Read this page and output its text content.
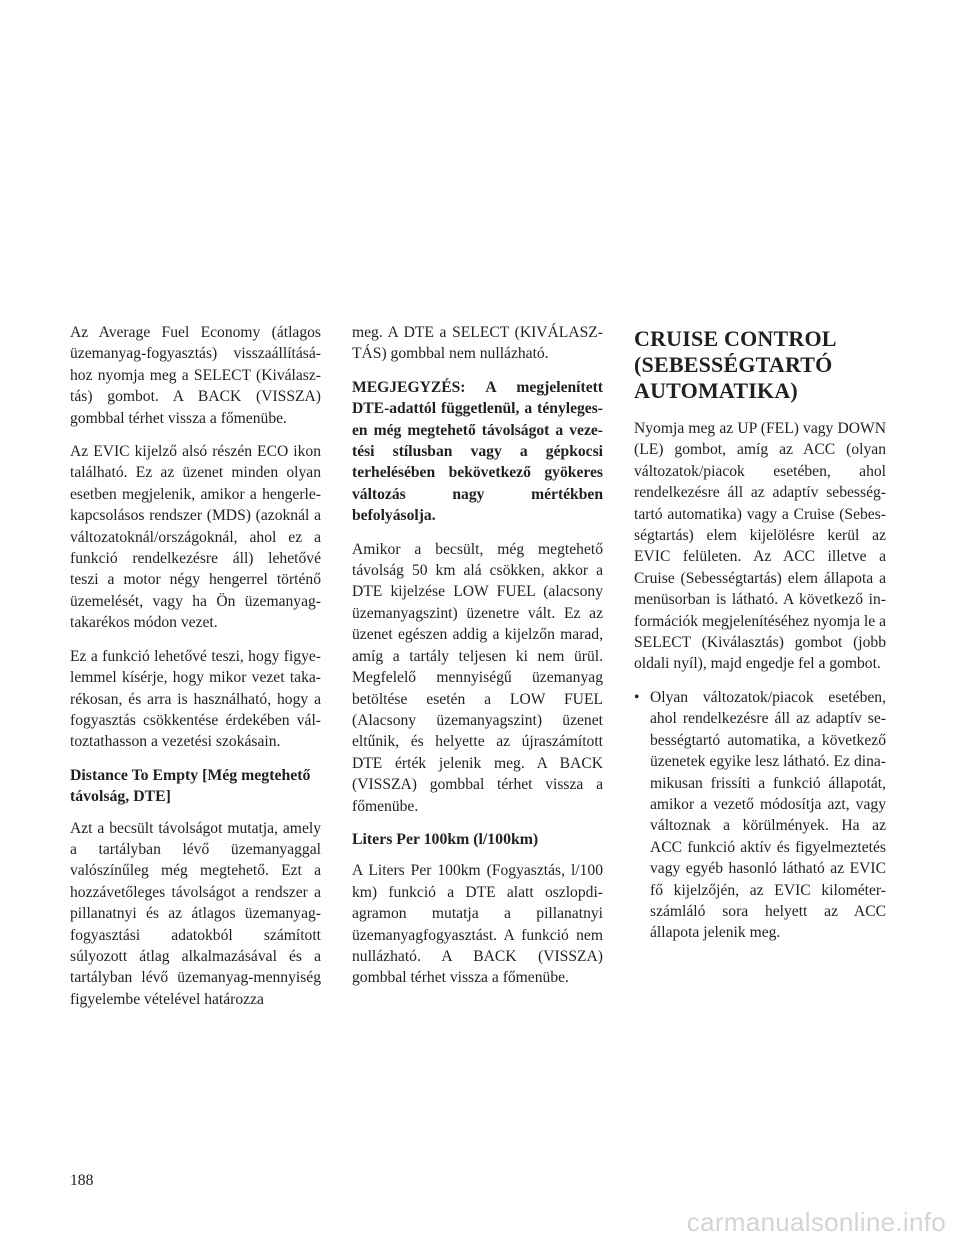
Az Average Fuel Economy (átlagos üzemanyag-fogyasztás) visszaállításához nyomja meg a SELECT (Kiválasztás) gombot. A BACK (VISSZA) gombbal térhet vissza a főmenübe.

Az EVIC kijelző alsó részén ECO ikon található. Ez az üzenet minden olyan esetben megjelenik, amikor a hengerlekapcsolásos rendszer (MDS) (azoknál a változatoknál/országoknál, ahol ez a funkció rendelkezésre áll) lehetővé teszi a motor négy hengerrel történő üzemelését, vagy ha Ön üzemanyag-takarékos módon vezet.

Ez a funkció lehetővé teszi, hogy figyelemmel kísérje, hogy mikor vezet takarékosan, és arra is használható, hogy a fogyasztás csökkentése érdekében változtathasson a vezetési szokásain.

Distance To Empty [Még megtehető távolság, DTE]

Azt a becsült távolságot mutatja, amely a tartályban lévő üzemanyaggal valószínűleg még megtehető. Ezt a hozzávetőleges távolságot a rendszer a pillanatnyi és az átlagos üzemanyag-fogyasztási adatokból számított súlyozott átlag alkalmazásával és a tartályban lévő üzemanyag-mennyiség figyelembe vételével határozza

meg. A DTE a SELECT (KIVÁLASZTÁS) gombbal nem nullázható.

MEGJEGYZÉS: A megjelenített DTE-adattól függetlenül, a ténylegesen még megtehető távolságot a vezetési stílusban vagy a gépkocsi terhelésében bekövetkező gyökeres változás nagy mértékben befolyásolja.

Amikor a becsült, még megtehető távolság 50 km alá csökken, akkor a DTE kijelzése LOW FUEL (alacsony üzemanyagszint) üzenetre vált. Ez az üzenet egészen addig a kijelzőn marad, amíg a tartály teljesen ki nem ürül. Megfelelő mennyiségű üzemanyag betöltése esetén a LOW FUEL (Alacsony üzemanyagszint) üzenet eltűnik, és helyette az újraszámított DTE érték jelenik meg. A BACK (VISSZA) gombbal térhet vissza a főmenübe.

Liters Per 100km (l/100km)

A Liters Per 100km (Fogyasztás, l/100 km) funkció a DTE alatt oszlopdiagramon mutatja a pillanatnyi üzemanyagfogyasztást. A funkció nem nullázható. A BACK (VISSZA) gombbal térhet vissza a főmenübe.

CRUISE CONTROL (SEBESSÉGTARTÓ AUTOMATIKA)

Nyomja meg az UP (FEL) vagy DOWN (LE) gombot, amíg az ACC (olyan változatok/piacok esetében, ahol rendelkezésre áll az adaptív sebességtartó automatika) vagy a Cruise (Sebességtartás) elem kijelölésre kerül az EVIC felületen. Az ACC illetve a Cruise (Sebességtartás) elem állapota a menüsorban is látható. A következő információk megjelenítéséhez nyomja le a SELECT (Kiválasztás) gombot (jobb oldali nyíl), majd engedje fel a gombot.

• Olyan változatok/piacok esetében, ahol rendelkezésre áll az adaptív sebességtartó automatika, a következő üzenetek egyike lesz látható. Ez dinamikusan frissíti a funkció állapotát, amikor a vezető módosítja azt, vagy változnak a körülmények. Ha az ACC funkció aktív és figyelmeztetés vagy egyéb hasonló látható az EVIC fő kijelzőjén, az EVIC kilométer-számláló sora helyett az ACC állapota jelenik meg.
188
carmanualsonline.info
